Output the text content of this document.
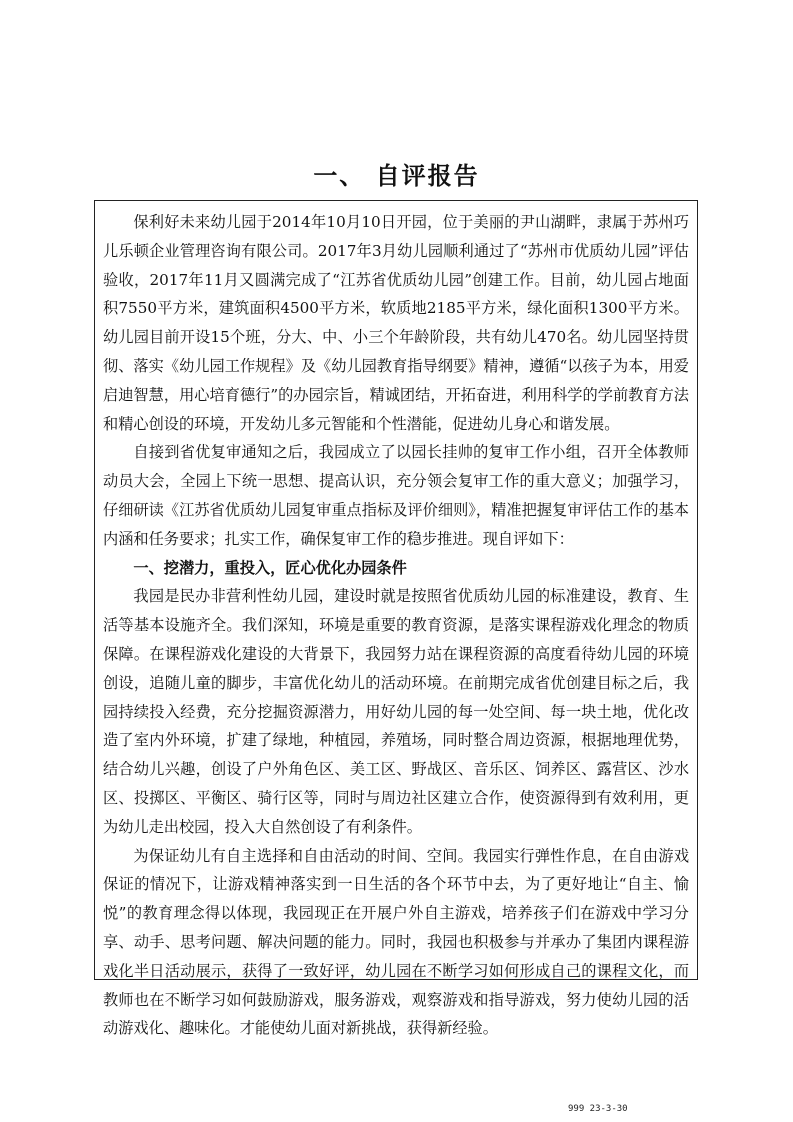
一、 自评报告

保利好未来幼儿园于2014年10月10日开园，位于美丽的尹山湖畔，隶属于苏州巧儿乐顿企业管理咨询有限公司。2017年3月幼儿园顺利通过了“苏州市优质幼儿园”评估验收，2017年11月又圆满完成了“江苏省优质幼儿园”创建工作。目前，幼儿园占地面积7550平方米，建筑面积4500平方米，软质地2185平方米，绿化面积1300平方米。幼儿园目前开设15个班，分大、中、小三个年龄阶段，共有幼儿470名。幼儿园坚持贯彻、落实《幼儿园工作规程》及《幼儿园教育指导纲要》精神，遵循“以孩子为本，用爱启迪智慧，用心培育德行”的办园宗旨，精诚团结，开拓奋进，利用科学的学前教育方法和精心创设的环境，开发幼儿多元智能和个性潜能，促进幼儿身心和谐发展。

自接到省优复审通知之后，我园成立了以园长挂帅的复审工作小组，召开全体教师动员大会，全园上下统一思想、提高认识，充分领会复审工作的重大意义；加强学习，仔细研读《江苏省优质幼儿园复审重点指标及评价细则》，精准把握复审评估工作的基本内涵和任务要求；扎实工作，确保复审工作的稳步推进。现自评如下：

一、挖潜力，重投入，匠心优化办园条件

我园是民办非营利性幼儿园，建设时就是按照省优质幼儿园的标准建设，教育、生活等基本设施齐全。我们深知，环境是重要的教育资源，是落实课程游戏化理念的物质保障。在课程游戏化建设的大背景下，我园努力站在课程资源的高度看待幼儿园的环境创设，追随儿童的脚步，丰富优化幼儿的活动环境。在前期完成省优创建目标之后，我园持续投入经费，充分挖掘资源潜力，用好幼儿园的每一处空间、每一块土地，优化改造了室内外环境，扩建了绿地，种植园，养殖场，同时整合周边资源，根据地理优势，结合幼儿兴趣，创设了户外角色区、美工区、野战区、音乐区、饲养区、露营区、沙水区、投掷区、平衡区、骑行区等，同时与周边社区建立合作，使资源得到有效利用，更为幼儿走出校园，投入大自然创设了有利条件。

为保证幼儿有自主选择和自由活动的时间、空间。我园实行弹性作息，在自由游戏保证的情况下，让游戏精神落实到一日生活的各个环节中去，为了更好地让“自主、愉悦”的教育理念得以体现，我园现正在开展户外自主游戏，培养孩子们在游戏中学习分享、动手、思考问题、解决问题的能力。同时，我园也积极参与并承办了集团内课程游戏化半日活动展示，获得了一致好评，幼儿园在不断学习如何形成自己的课程文化，而教师也在不断学习如何鼓励游戏，服务游戏，观察游戏和指导游戏，努力使幼儿园的活动游戏化、趣味化。才能使幼儿面对新挑战，获得新经验。

999 23-3-30
